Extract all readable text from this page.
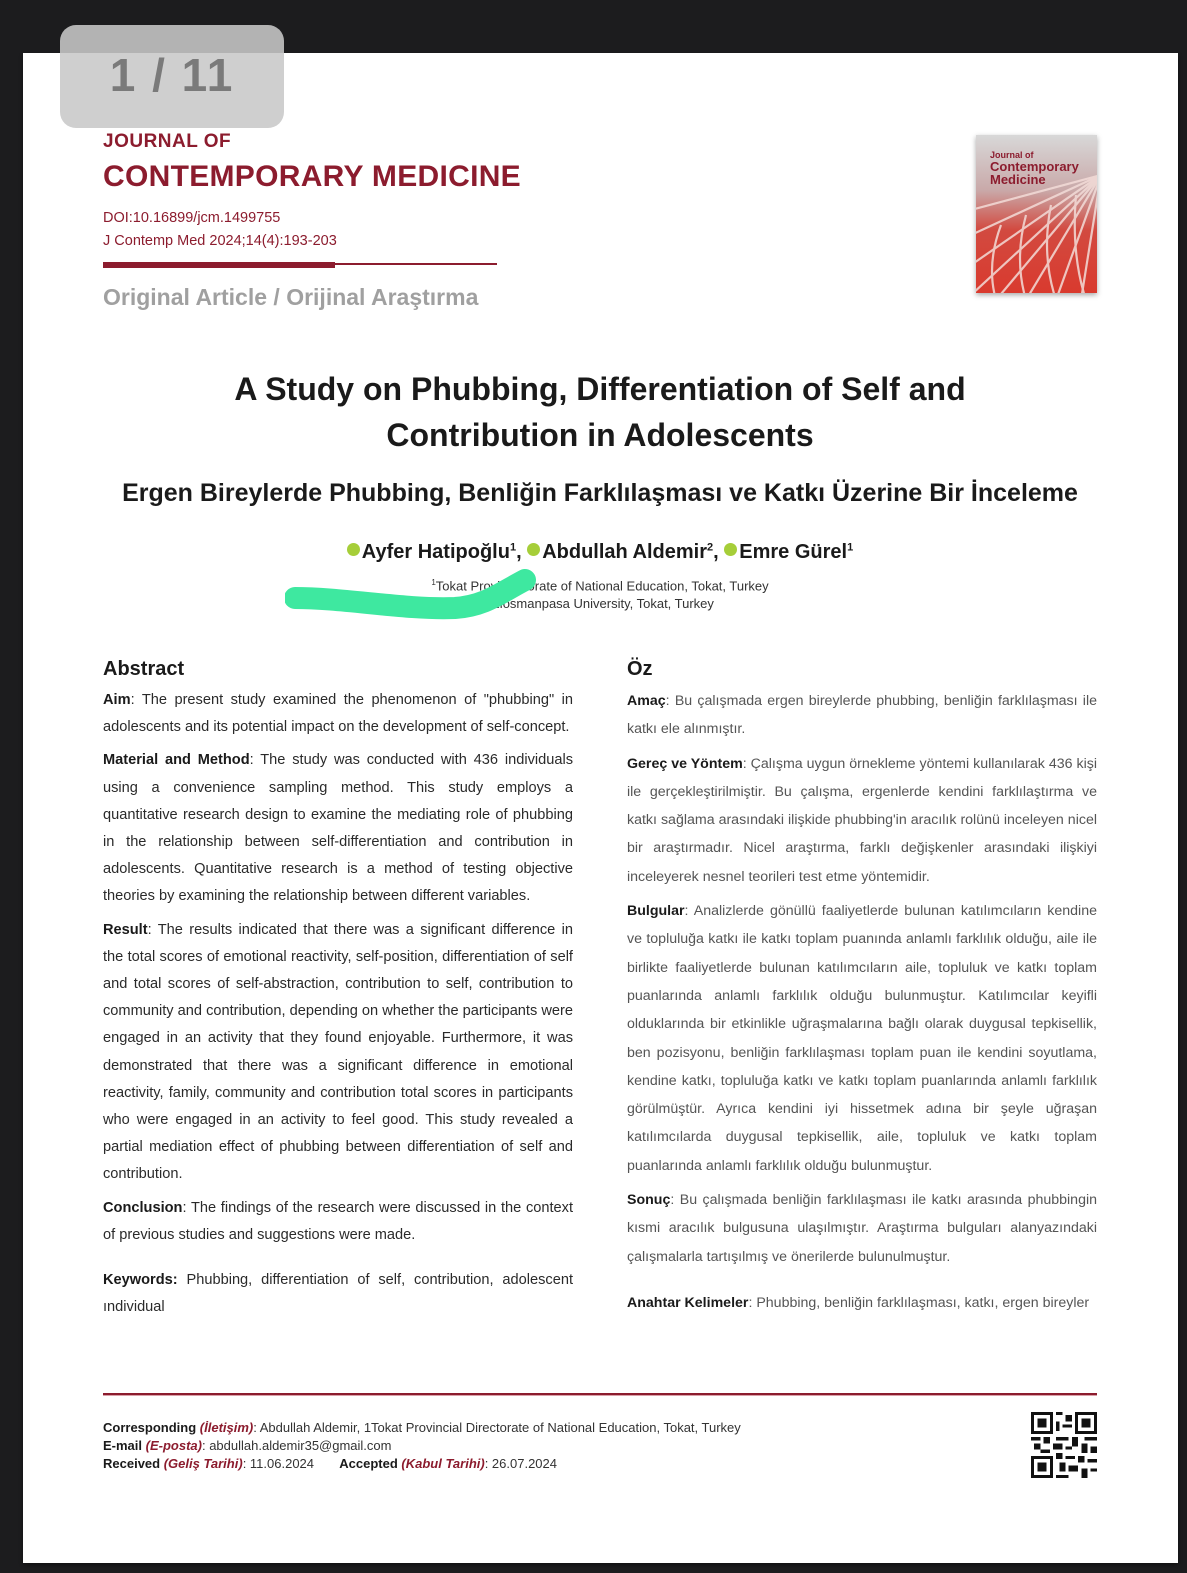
1 / 11
JOURNAL OF
CONTEMPORARY MEDICINE
DOI:10.16899/jcm.1499755
J Contemp Med 2024;14(4):193-203
Original Article / Orijinal Araştırma
Journal of
Contemporary
Medicine
A Study on Phubbing, Differentiation of Self and
Contribution in Adolescents
Ergen Bireylerde Phubbing, Benliğin Farklılaşması ve Katkı Üzerine Bir İnceleme
Ayfer Hatipoğlu$^1$, Abdullah Aldemir$^2$, Emre Gürel$^1$
$^1$Tokat Provinc ctorate of National Education, Tokat, Turkey
aziosmanpasa University, Tokat, Turkey
Abstract

Aim: The present study examined the phenomenon of "phubbing" in adolescents and its potential impact on the development of self-concept.

Material and Method: The study was conducted with 436 individuals using a convenience sampling method. This study employs a quantitative research design to examine the mediating role of phubbing in the relationship between self-differentiation and contribution in adolescents. Quantitative research is a method of testing objective theories by examining the relationship between different variables.

Result: The results indicated that there was a significant difference in the total scores of emotional reactivity, self-position, differentiation of self and total scores of self-abstraction, contribution to self, contribution to community and contribution, depending on whether the participants were engaged in an activity that they found enjoyable. Furthermore, it was demonstrated that there was a significant difference in emotional reactivity, family, community and contribution total scores in participants who were engaged in an activity to feel good. This study revealed a partial mediation effect of phubbing between differentiation of self and contribution.

Conclusion: The findings of the research were discussed in the context of previous studies and suggestions were made.

Keywords: Phubbing, differentiation of self, contribution, adolescent ındividual

Öz

Amaç: Bu çalışmada ergen bireylerde phubbing, benliğin farklılaşması ile katkı ele alınmıştır.

Gereç ve Yöntem: Çalışma uygun örnekleme yöntemi kullanılarak 436 kişi ile gerçekleştirilmiştir. Bu çalışma, ergenlerde kendini farklılaştırma ve katkı sağlama arasındaki ilişkide phubbing'in aracılık rolünü inceleyen nicel bir araştırmadır. Nicel araştırma, farklı değişkenler arasındaki ilişkiyi inceleyerek nesnel teorileri test etme yöntemidir.

Bulgular: Analizlerde gönüllü faaliyetlerde bulunan katılımcıların kendine ve topluluğa katkı ile katkı toplam puanında anlamlı farklılık olduğu, aile ile birlikte faaliyetlerde bulunan katılımcıların aile, topluluk ve katkı toplam puanlarında anlamlı farklılık olduğu bulunmuştur. Katılımcılar keyifli olduklarında bir etkinlikle uğraşmalarına bağlı olarak duygusal tepkisellik, ben pozisyonu, benliğin farklılaşması toplam puan ile kendini soyutlama, kendine katkı, topluluğa katkı ve katkı toplam puanlarında anlamlı farklılık görülmüştür. Ayrıca kendini iyi hissetmek adına bir şeyle uğraşan katılımcılarda duygusal tepkisellik, aile, topluluk ve katkı toplam puanlarında anlamlı farklılık olduğu bulunmuştur.

Sonuç: Bu çalışmada benliğin farklılaşması ile katkı arasında phubbingin kısmi aracılık bulgusuna ulaşılmıştır. Araştırma bulguları alanyazındaki çalışmalarla tartışılmış ve önerilerde bulunulmuştur.

Anahtar Kelimeler: Phubbing, benliğin farklılaşması, katkı, ergen bireyler

Corresponding (İletişim): Abdullah Aldemir, 1Tokat Provincial Directorate of National Education, Tokat, Turkey
E-mail (E-posta): abdullah.aldemir35@gmail.com
Received (Geliş Tarihi): 11.06.2024 Accepted (Kabul Tarihi): 26.07.2024
